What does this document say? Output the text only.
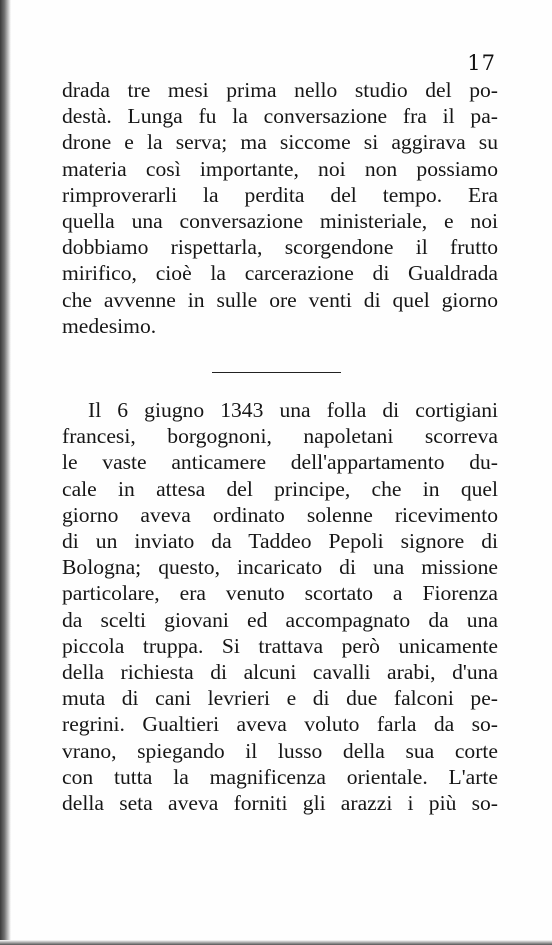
17
drada tre mesi prima nello studio del po-
destà. Lunga fu la conversazione fra il pa-
drone e la serva; ma siccome si aggirava su
materia così importante, noi non possiamo
rimproverarli la perdita del tempo. Era
quella una conversazione ministeriale, e noi
dobbiamo rispettarla, scorgendone il frutto
mirifico, cioè la carcerazione di Gualdrada
che avvenne in sulle ore venti di quel giorno
medesimo.
Il 6 giugno 1343 una folla di cortigiani
francesi, borgognoni, napoletani scorreva
le vaste anticamere dell'appartamento du-
cale in attesa del principe, che in quel
giorno aveva ordinato solenne ricevimento
di un inviato da Taddeo Pepoli signore di
Bologna; questo, incaricato di una missione
particolare, era venuto scortato a Fiorenza
da scelti giovani ed accompagnato da una
piccola truppa. Si trattava però unicamente
della richiesta di alcuni cavalli arabi, d'una
muta di cani levrieri e di due falconi pe-
regrini. Gualtieri aveva voluto farla da so-
vrano, spiegando il lusso della sua corte
con tutta la magnificenza orientale. L'arte
della seta aveva forniti gli arazzi i più so-
